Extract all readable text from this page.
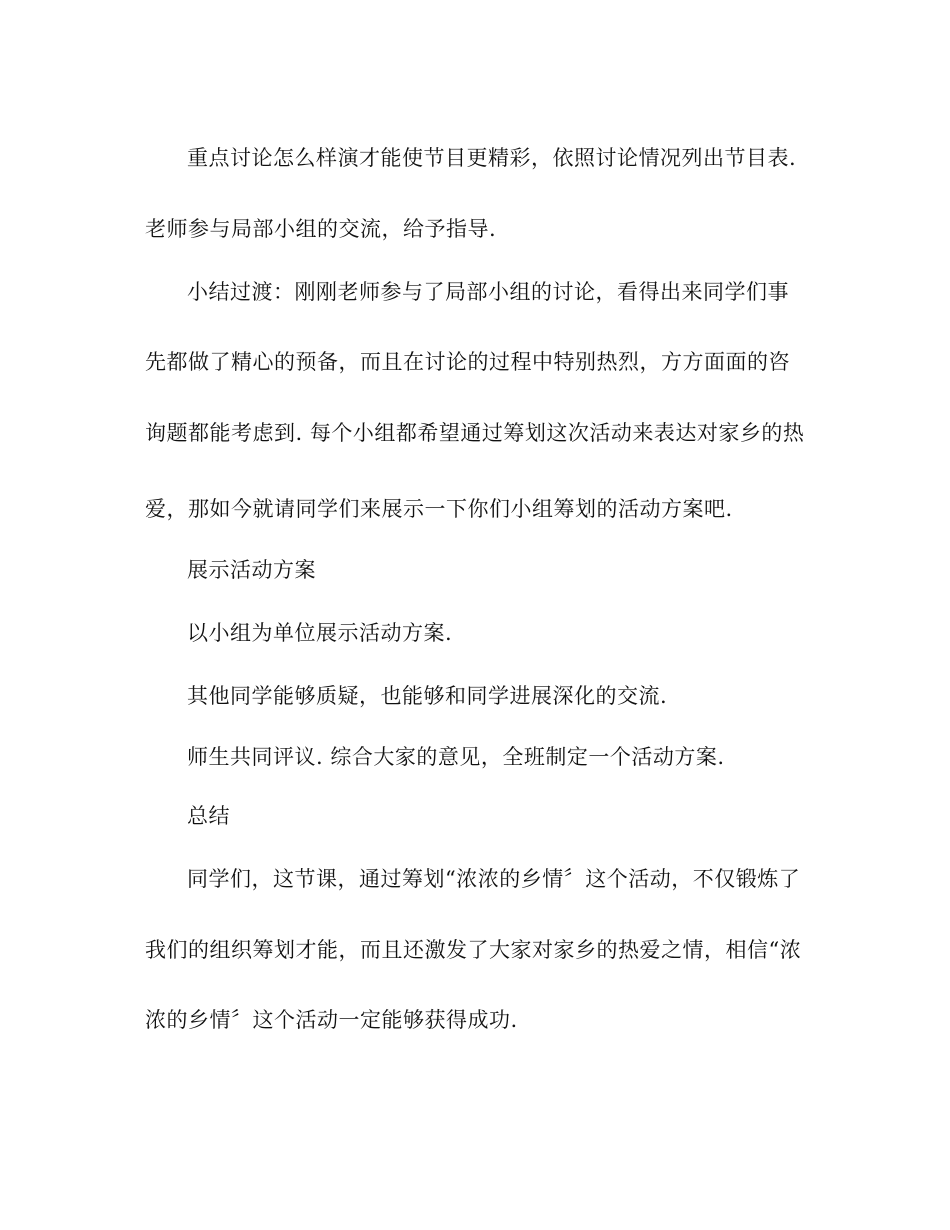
重点讨论怎么样演才能使节目更精彩，依照讨论情况列出节目表.
老师参与局部小组的交流，给予指导.
小结过渡：刚刚老师参与了局部小组的讨论，看得出来同学们事
先都做了精心的预备，而且在讨论的过程中特别热烈，方方面面的咨
询题都能考虑到. 每个小组都希望通过筹划这次活动来表达对家乡的热
爱，那如今就请同学们来展示一下你们小组筹划的活动方案吧.
展示活动方案
以小组为单位展示活动方案.
其他同学能够质疑，也能够和同学进展深化的交流.
师生共同评议. 综合大家的意见，全班制定一个活动方案.
总结
同学们，这节课，通过筹划“浓浓的乡情〞这个活动，不仅锻炼了
我们的组织筹划才能，而且还激发了大家对家乡的热爱之情，相信“浓
浓的乡情〞这个活动一定能够获得成功.
